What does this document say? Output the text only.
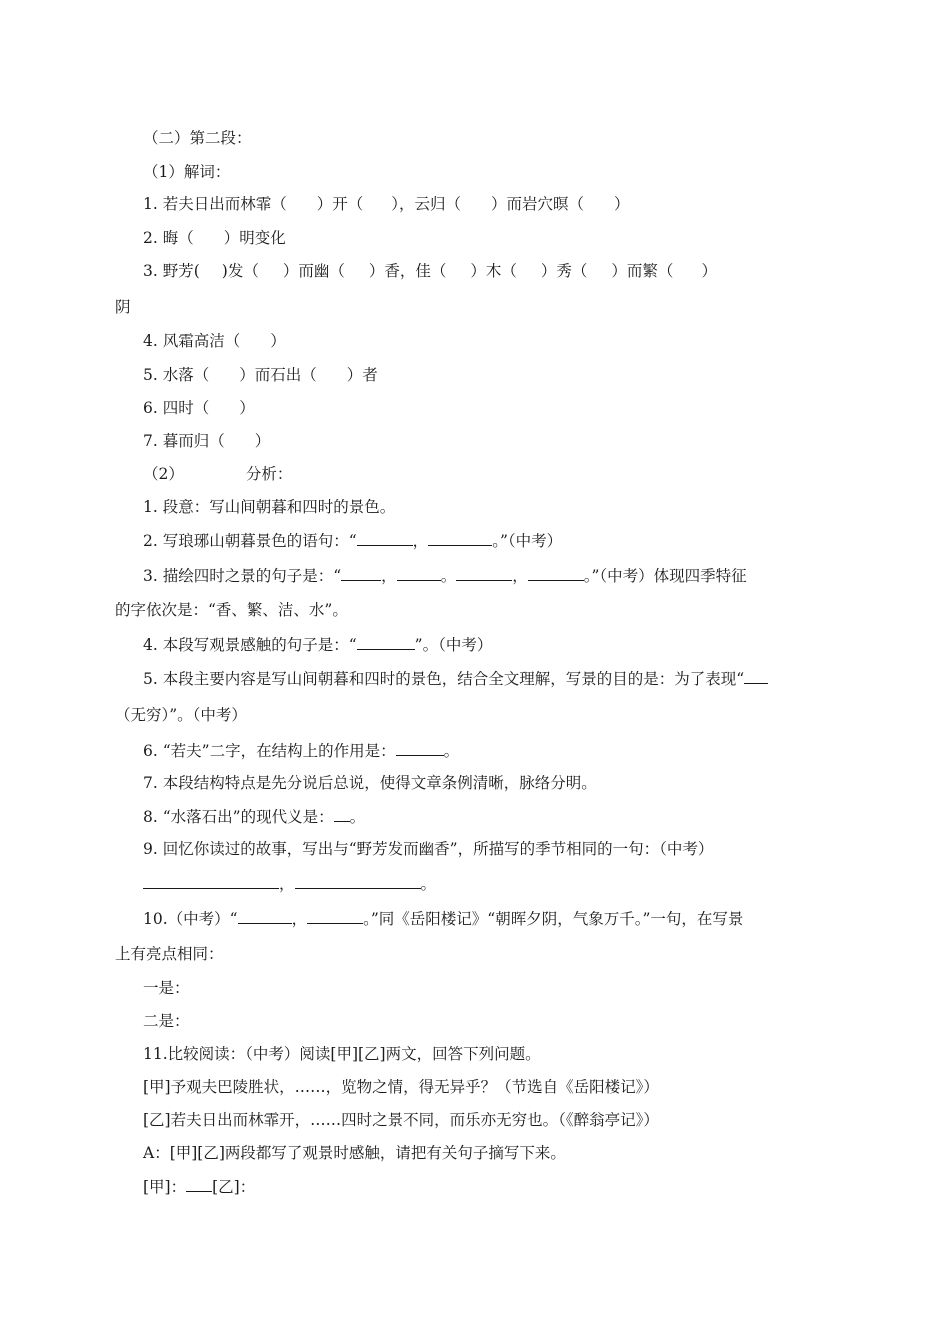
（二）第二段：
（1）解词：
1. 若夫日出而林霏（ ）开（ ），云归（ ）而岩穴暝（ ）
2. 晦（ ）明变化
3. 野芳( )发（ ）而幽（ ）香，佳（ ）木（ ）秀（ ）而繁（ ）
阴
4. 风霜高洁（ ）
5. 水落（ ）而石出（ ）者
6. 四时（ ）
7. 暮而归（ ）
（2）	分析：
1. 段意：写山间朝暮和四时的景色。
2. 写琅琊山朝暮景色的语句：“	，	。”（中考）
3. 描绘四时之景的句子是：“	，	。	，	。”（中考）体现四季特征
的字依次是：“香、繁、洁、水”。
4. 本段写观景感触的句子是：“	”。（中考）
5. 本段主要内容是写山间朝暮和四时的景色，结合全文理解，写景的目的是：为了表现“
（无穷）”。（中考）
6. “若夫”二字，在结构上的作用是：	。
7. 本段结构特点是先分说后总说，使得文章条例清晰，脉络分明。
8. “水落石出”的现代义是： 。
9. 回忆你读过的故事，写出与“野芳发而幽香”，所描写的季节相同的一句：（中考）
，	。
10.（中考）“	，	。”同《岳阳楼记》“朝晖夕阴，气象万千。”一句，在写景
上有亮点相同：
一是：
二是：
11.比较阅读：（中考）阅读[甲][乙]两文，回答下列问题。
[甲]予观夫巴陵胜状，……，览物之情，得无异乎？（节选自《岳阳楼记》）
[乙]若夫日出而林霏开，……四时之景不同，而乐亦无穷也。（《醉翁亭记》）
A：[甲][乙]两段都写了观景时感触，请把有关句子摘写下来。
[甲]： [乙]：
